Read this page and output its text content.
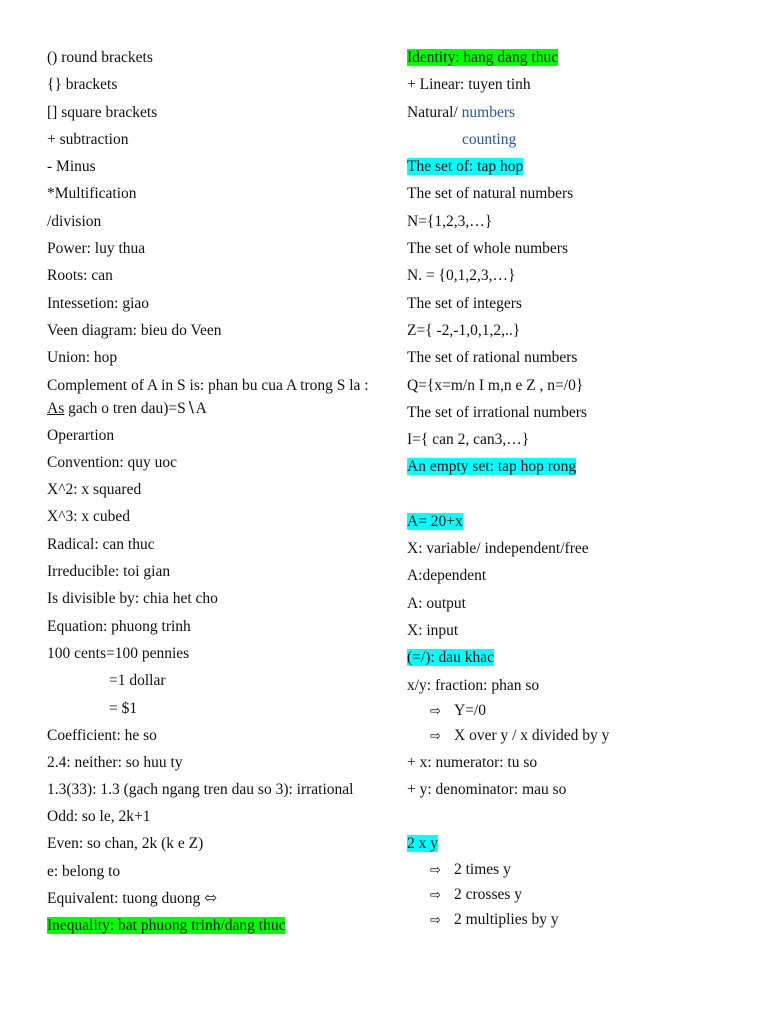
() round brackets
{} brackets
[] square brackets
+ subtraction
- Minus
*Multification
/division
Power: luy thua
Roots: can
Intessetion: giao
Veen diagram: bieu do Veen
Union: hop
Complement of A in S is: phan bu cua A trong S la : As gach o tren dau)=S∖A
Operartion
Convention: quy uoc
X^2: x squared
X^3: x cubed
Radical: can thuc
Irreducible: toi gian
Is divisible by: chia het cho
Equation: phuong trinh
100 cents=100 pennies
=1 dollar
= $1
Coefficient: he so
2.4: neither: so huu ty
1.3(33): 1.3 (gach ngang tren dau so 3): irrational
Odd: so le, 2k+1
Even: so chan, 2k (k e Z)
e: belong to
Equivalent: tuong duong ⬄
Inequality: bat phuong trinh/dang thuc
Identity: hang dang thuc
+ Linear: tuyen tinh
Natural/ numbers
counting
The set of: tap hop
The set of natural numbers
N={1,2,3,…}
The set of whole numbers
N. = {0,1,2,3,…}
The set of integers
Z={ -2,-1,0,1,2,..}
The set of rational numbers
Q={x=m/n I m,n e Z , n=/0}
The set of irrational numbers
I={ can 2, can3,…}
An empty set: tap hop rong
A= 20+x
X: variable/ independent/free
A:dependent
A: output
X: input
(=/): dau khac
x/y: fraction: phan so
⇨ Y=/0
⇨ X over y / x divided by y
+ x: numerator: tu so
+ y: denominator: mau so
2 x y
⇨ 2 times y
⇨ 2 crosses y
⇨ 2 multiplies by y
